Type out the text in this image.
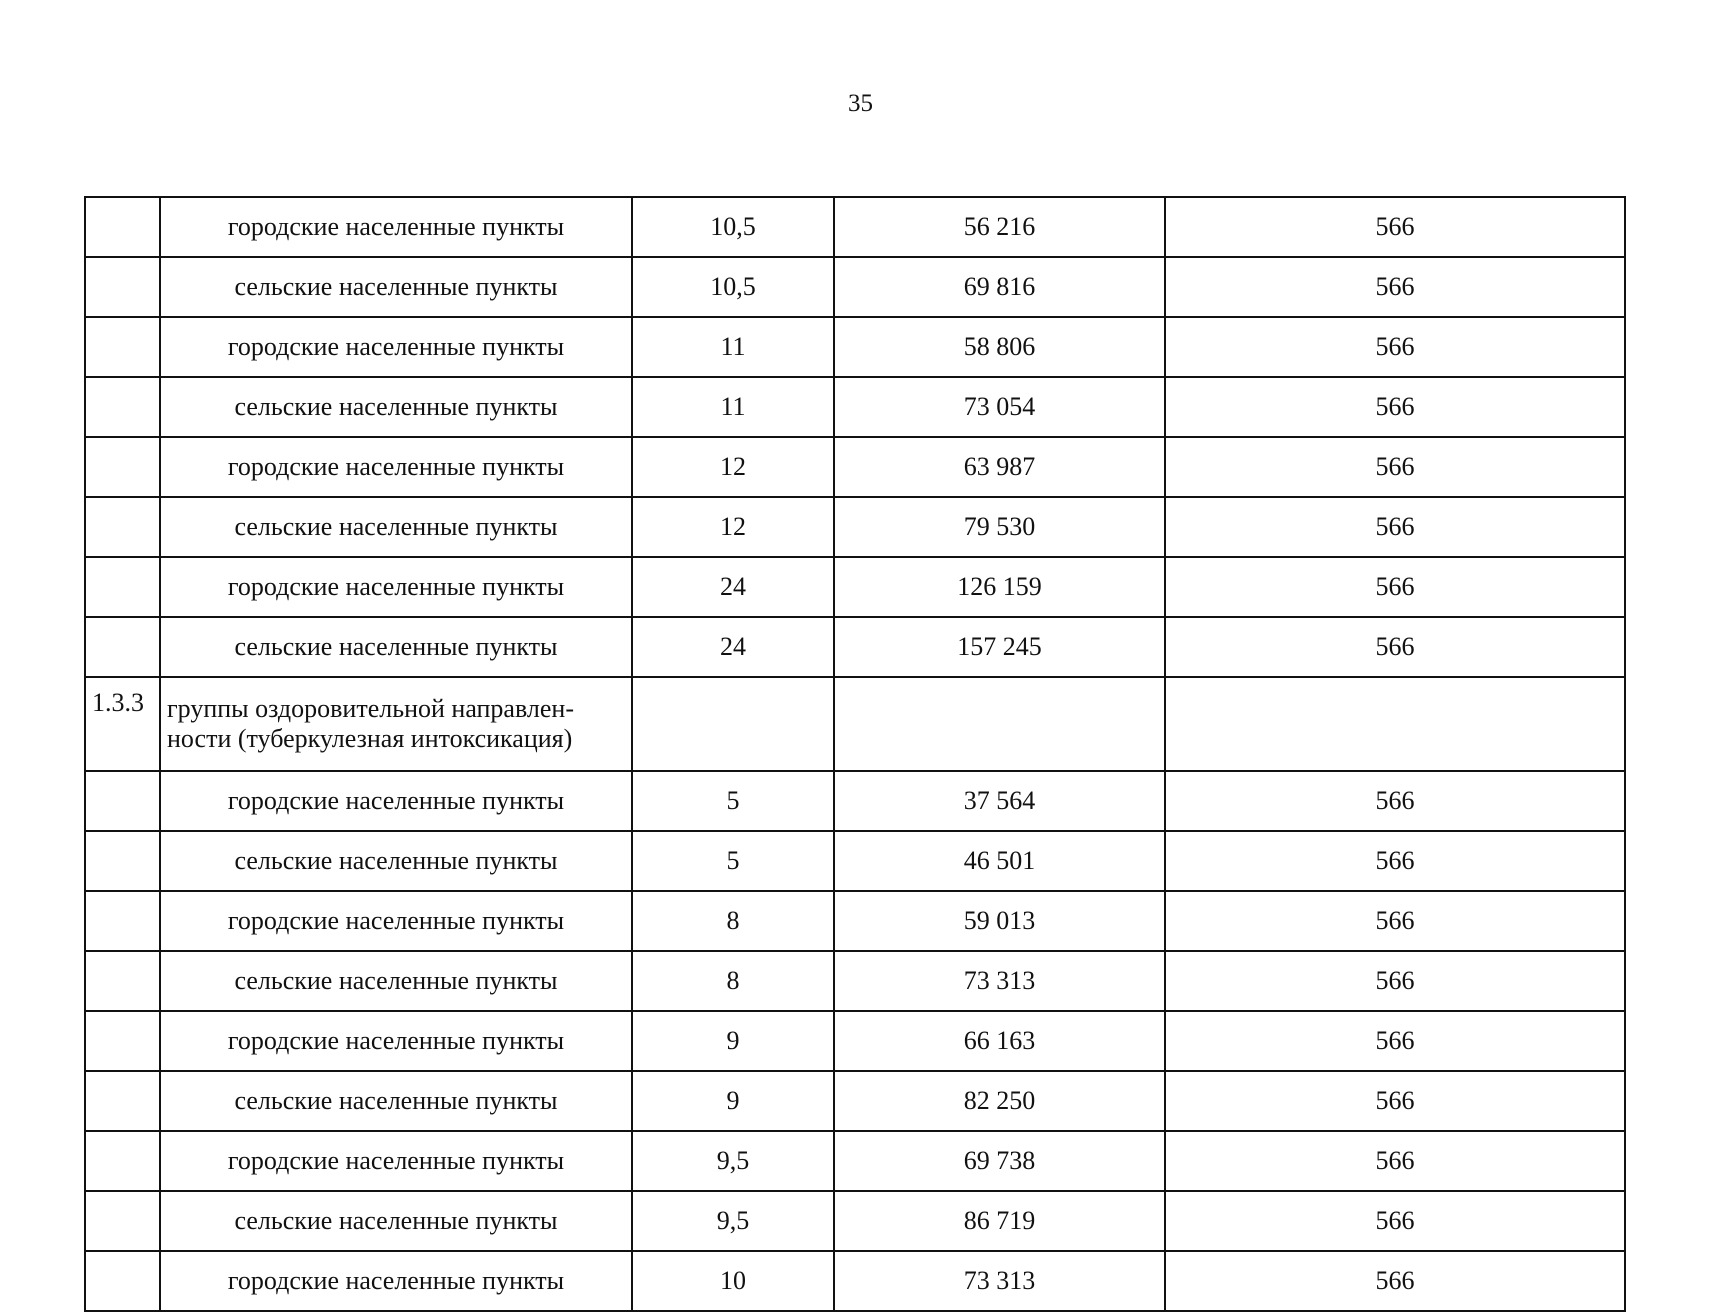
35
	городские населенные пункты	10,5	56 216	566
	сельские населенные пункты	10,5	69 816	566
	городские населенные пункты	11	58 806	566
	сельские населенные пункты	11	73 054	566
	городские населенные пункты	12	63 987	566
	сельские населенные пункты	12	79 530	566
	городские населенные пункты	24	126 159	566
	сельские населенные пункты	24	157 245	566
1.3.3	группы оздоровительной направлен-ности (туберкулезная интоксикация)			
	городские населенные пункты	5	37 564	566
	сельские населенные пункты	5	46 501	566
	городские населенные пункты	8	59 013	566
	сельские населенные пункты	8	73 313	566
	городские населенные пункты	9	66 163	566
	сельские населенные пункты	9	82 250	566
	городские населенные пункты	9,5	69 738	566
	сельские населенные пункты	9,5	86 719	566
	городские населенные пункты	10	73 313	566
